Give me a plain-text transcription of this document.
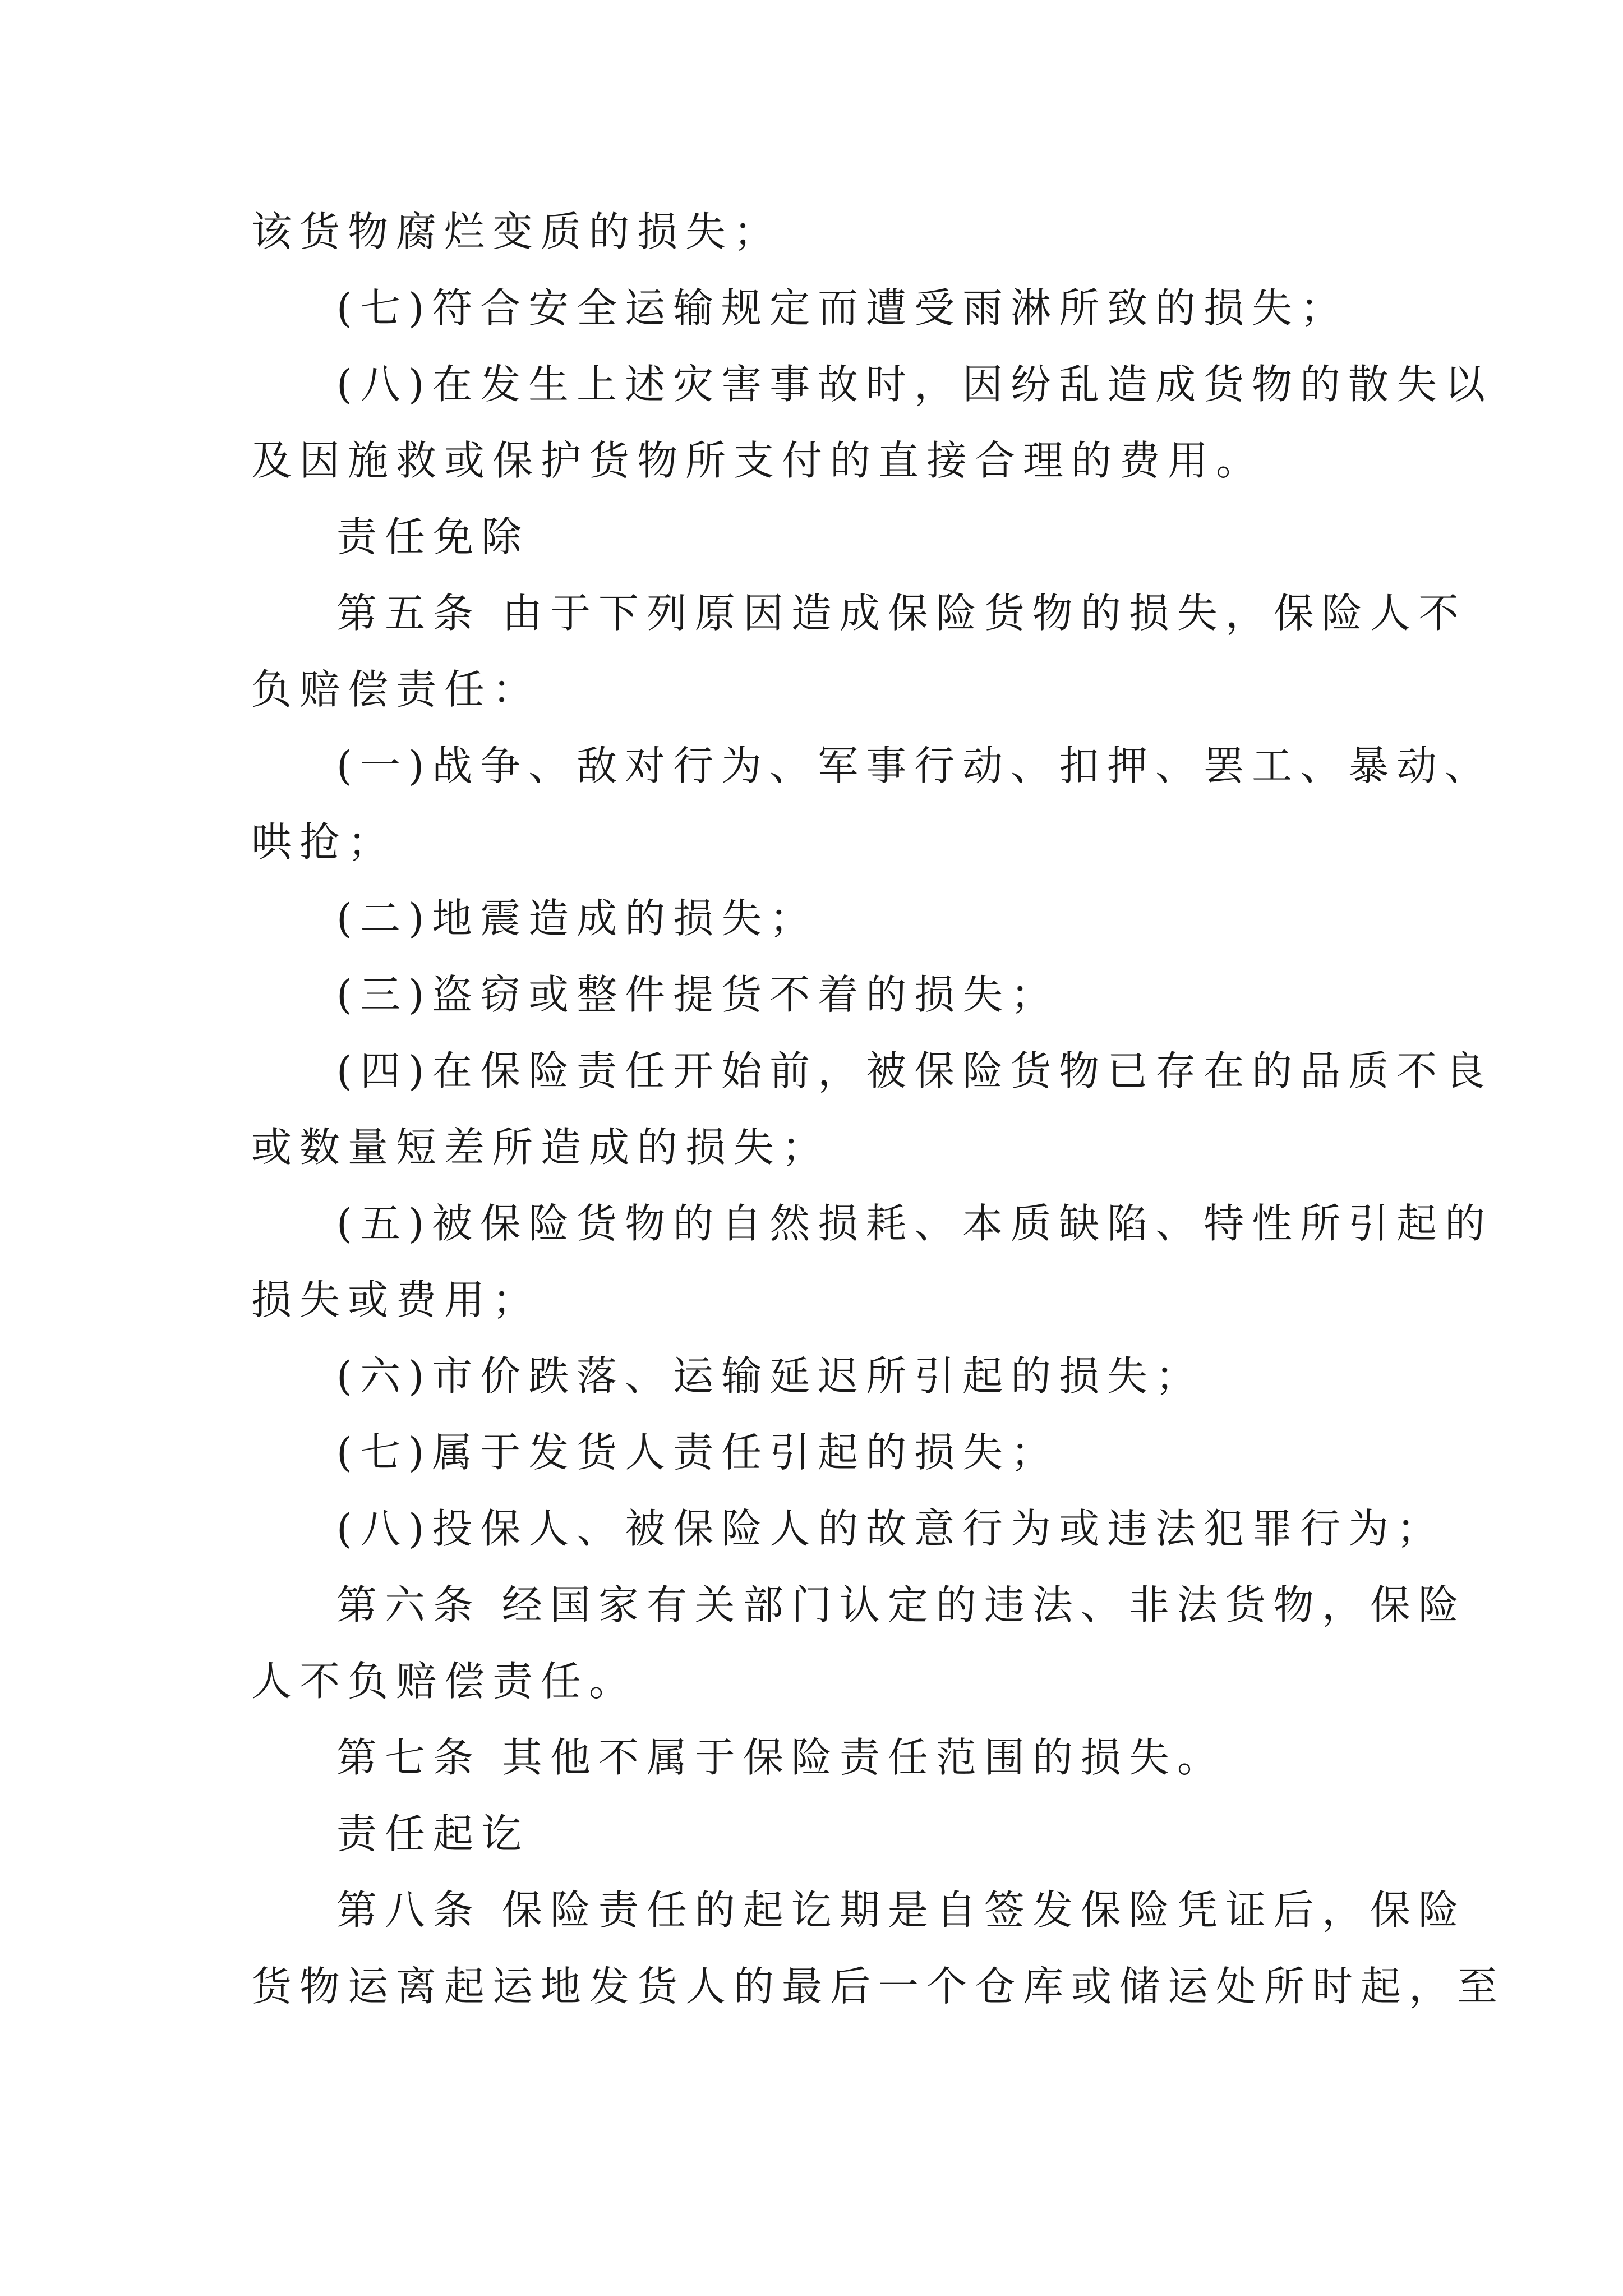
该货物腐烂变质的损失；
(七)符合安全运输规定而遭受雨淋所致的损失；
(八)在发生上述灾害事故时，因纷乱造成货物的散失以
及因施救或保护货物所支付的直接合理的费用。
责任免除
第五条 由于下列原因造成保险货物的损失，保险人不
负赔偿责任：
(一)战争、敌对行为、军事行动、扣押、罢工、暴动、
哄抢；
(二)地震造成的损失；
(三)盗窃或整件提货不着的损失；
(四)在保险责任开始前，被保险货物已存在的品质不良
或数量短差所造成的损失；
(五)被保险货物的自然损耗、本质缺陷、特性所引起的
损失或费用；
(六)市价跌落、运输延迟所引起的损失；
(七)属于发货人责任引起的损失；
(八)投保人、被保险人的故意行为或违法犯罪行为；
第六条 经国家有关部门认定的违法、非法货物，保险
人不负赔偿责任。
第七条 其他不属于保险责任范围的损失。
责任起讫
第八条 保险责任的起讫期是自签发保险凭证后，保险
货物运离起运地发货人的最后一个仓库或储运处所时起，至
